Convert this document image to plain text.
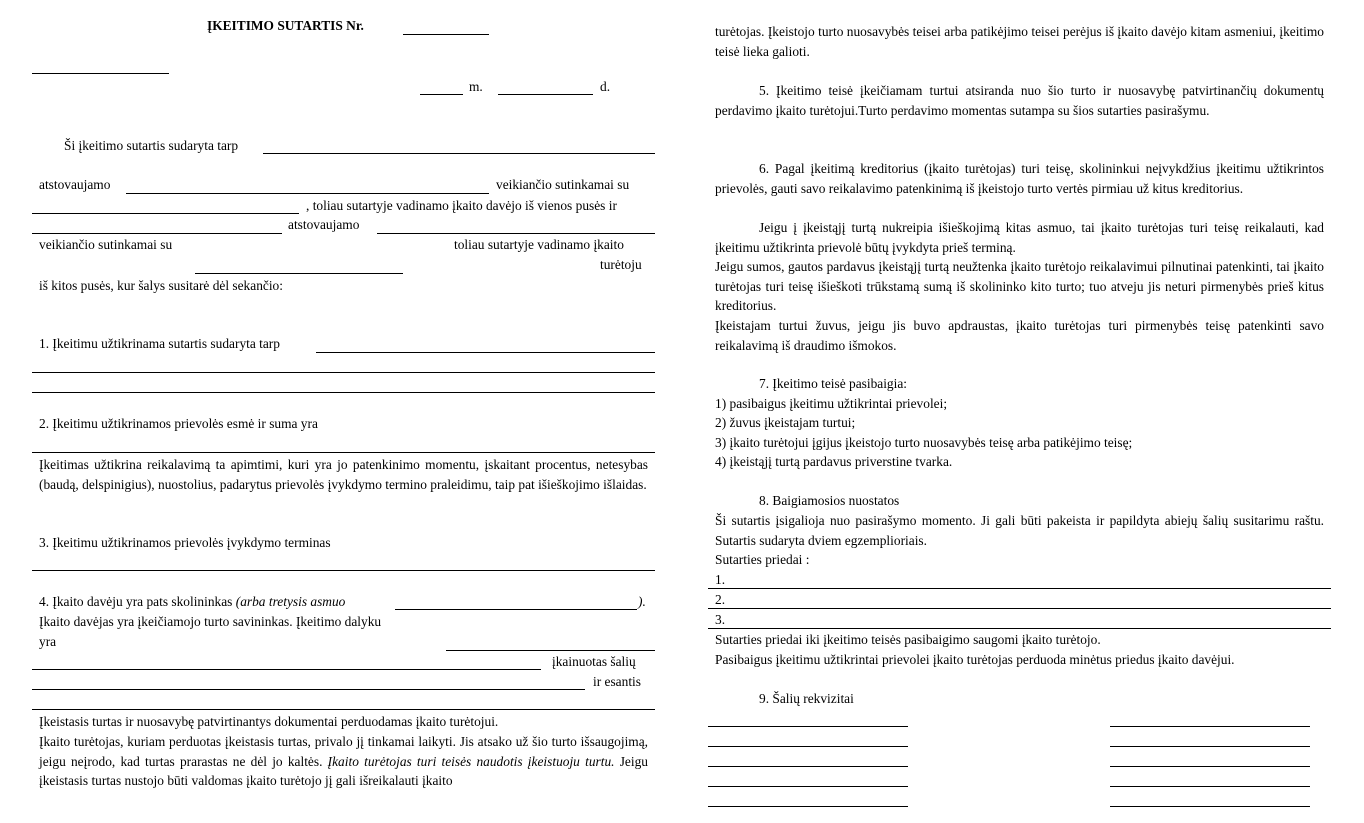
ĮKEITIMO SUTARTIS Nr.
m.	d.
Ši įkeitimo sutartis sudaryta tarp
atstovaujamo	veikiančio sutinkamai su
, toliau sutartyje vadinamo įkaito davėjo iš vienos pusės ir
atstovaujamo
veikiančio sutinkamai su	toliau sutartyje vadinamo įkaito
turėtoju
iš kitos pusės, kur šalys susitarė dėl sekančio:
1. Įkeitimu užtikrinama sutartis sudaryta tarp
2. Įkeitimu užtikrinamos prievolės esmė ir suma yra
Įkeitimas užtikrina reikalavimą ta apimtimi, kuri yra jo patenkinimo momentu, įskaitant procentus, netesybas (baudą, delspinigius), nuostolius, padarytus prievolės įvykdymo termino praleidimu, taip pat išieškojimo išlaidas.
3. Įkeitimu užtikrinamos prievolės įvykdymo terminas
4. Įkaito davėju yra pats skolininkas (arba tretysis asmuo	).
Įkaito davėjas yra įkeičiamojo turto savininkas. Įkeitimo dalyku
yra
įkainuotas šalių
ir esantis
Įkeistasis turtas ir nuosavybę patvirtinantys dokumentai perduodamas įkaito turėtojui.
Įkaito turėtojas, kuriam perduotas įkeistasis turtas, privalo jį tinkamai laikyti. Jis atsako už šio turto išsaugojimą, jeigu neįrodo, kad turtas prarastas ne dėl jo kaltės. Įkaito turėtojas turi teisės naudotis įkeistuoju turtu. Jeigu įkeistasis turtas nustojo būti valdomas įkaito turėtojo jį gali išreikalauti įkaito
turėtojas. Įkeistojo turto nuosavybės teisei arba patikėjimo teisei perėjus iš įkaito davėjo kitam asmeniui, įkeitimo teisė lieka galioti.
5. Įkeitimo teisė įkeičiamam turtui atsiranda nuo šio turto ir nuosavybę patvirtinančių dokumentų perdavimo įkaito turėtojui.Turto perdavimo momentas sutampa su šios sutarties pasirašymu.
6. Pagal įkeitimą kreditorius (įkaito turėtojas) turi teisę, skolininkui neįvykdžius įkeitimu užtikrintos prievolės, gauti savo reikalavimo patenkinimą iš įkeistojo turto vertės pirmiau už kitus kreditorius.
Jeigu į įkeistąjį turtą nukreipia išieškojimą kitas asmuo, tai įkaito turėtojas turi teisę reikalauti, kad įkeitimu užtikrinta prievolė būtų įvykdyta prieš terminą.
Jeigu sumos, gautos pardavus įkeistąjį turtą neužtenka įkaito turėtojo reikalavimui pilnutinai patenkinti, tai įkaito turėtojas turi teisę išieškoti trūkstamą sumą iš skolininko kito turto; tuo atveju jis neturi pirmenybės prieš kitus kreditorius.
Įkeistajam turtui žuvus, jeigu jis buvo apdraustas, įkaito turėtojas turi pirmenybės teisę patenkinti savo reikalavimą iš draudimo išmokos.
7. Įkeitimo teisė pasibaigia:
1) pasibaigus įkeitimu užtikrintai prievolei;
2) žuvus įkeistajam turtui;
3) įkaito turėtojui įgijus įkeistojo turto nuosavybės teisę arba patikėjimo teisę;
4) įkeistąjį turtą pardavus priverstine tvarka.
8. Baigiamosios nuostatos
Ši sutartis įsigalioja nuo pasirašymo momento. Ji gali būti pakeista ir papildyta abiejų šalių susitarimu raštu. Sutartis sudaryta dviem egzemplioriais.
Sutarties priedai :
1.
2.
3.
Sutarties priedai iki įkeitimo teisės pasibaigimo saugomi įkaito turėtojo.
Pasibaigus įkeitimu užtikrintai prievolei įkaito turėtojas perduoda minėtus priedus įkaito davėjui.
9. Šalių rekvizitai
